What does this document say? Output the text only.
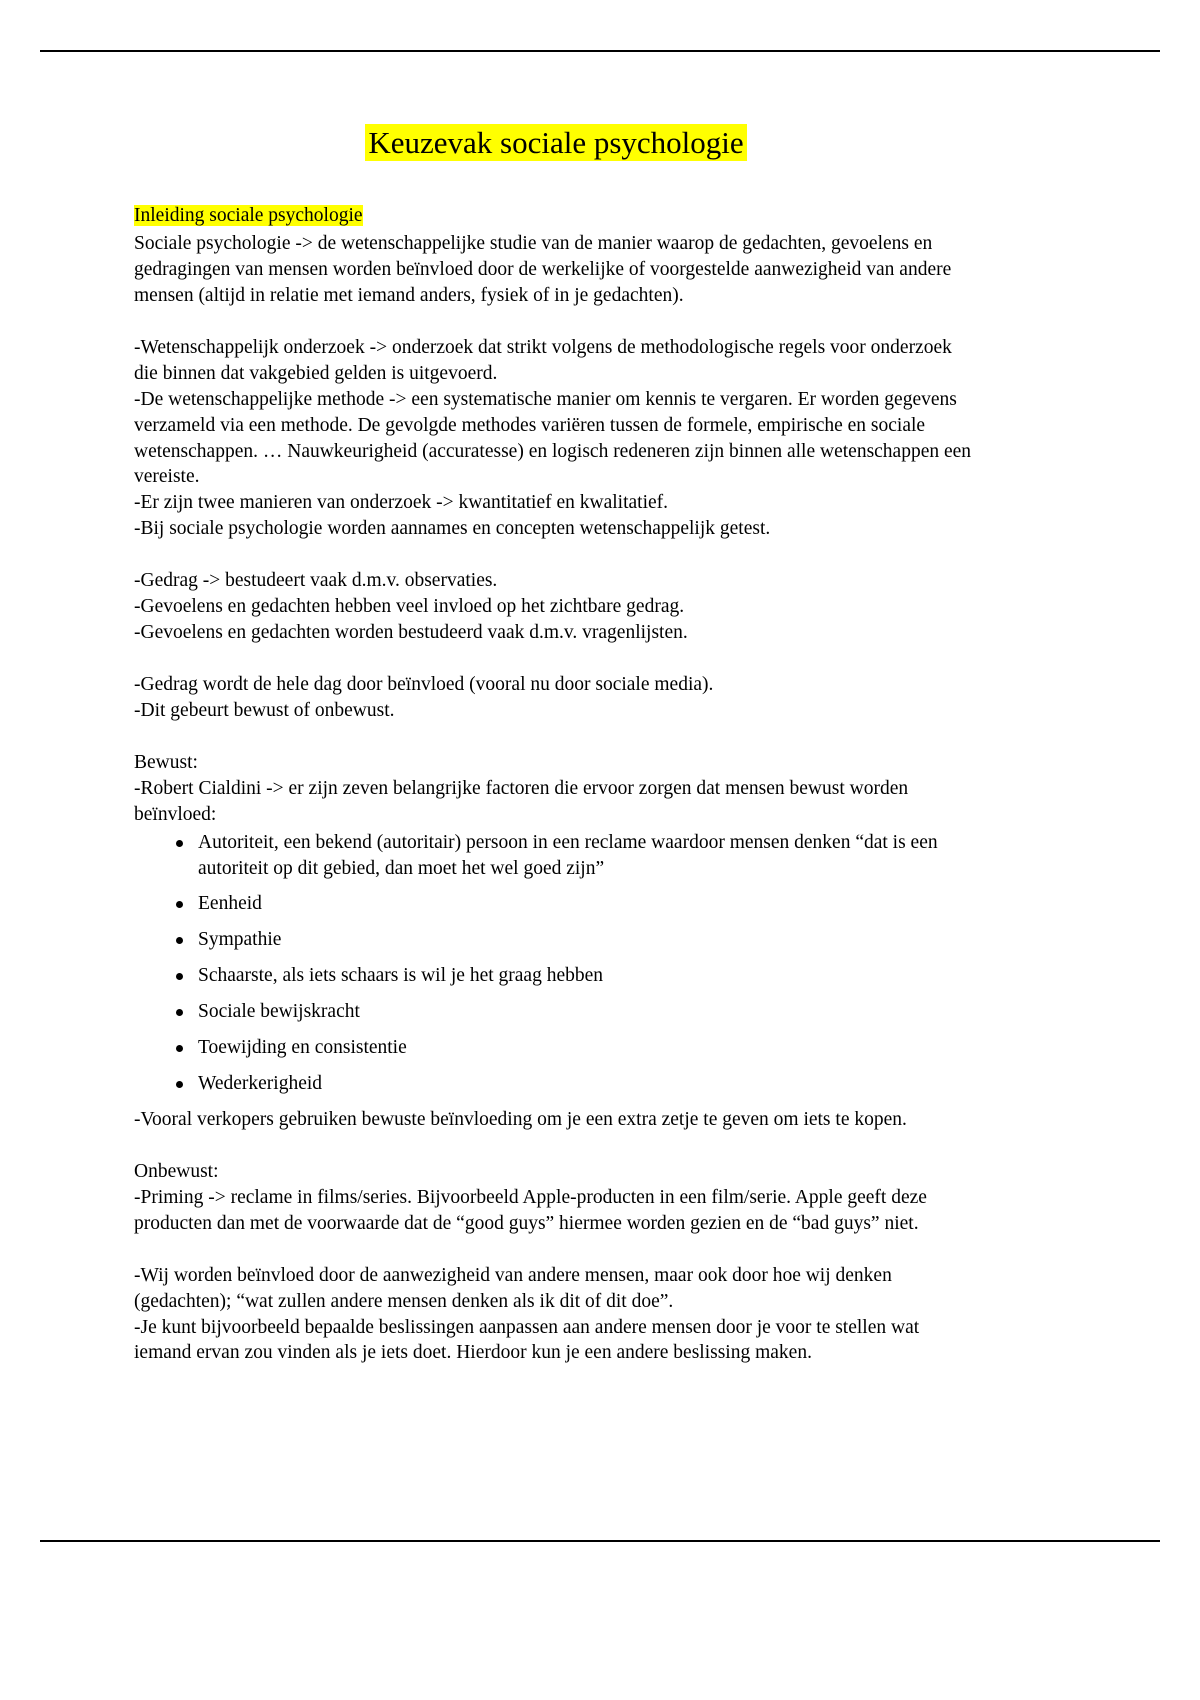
Keuzevak sociale psychologie
Inleiding sociale psychologie

Sociale psychologie -> de wetenschappelijke studie van de manier waarop de gedachten, gevoelens en gedragingen van mensen worden beïnvloed door de werkelijke of voorgestelde aanwezigheid van andere mensen (altijd in relatie met iemand anders, fysiek of in je gedachten).

-Wetenschappelijk onderzoek -> onderzoek dat strikt volgens de methodologische regels voor onderzoek die binnen dat vakgebied gelden is uitgevoerd.

-De wetenschappelijke methode -> een systematische manier om kennis te vergaren. Er worden gegevens verzameld via een methode. De gevolgde methodes variëren tussen de formele, empirische en sociale wetenschappen. … Nauwkeurigheid (accuratesse) en logisch redeneren zijn binnen alle wetenschappen een vereiste.

-Er zijn twee manieren van onderzoek -> kwantitatief en kwalitatief.

-Bij sociale psychologie worden aannames en concepten wetenschappelijk getest.

-Gedrag -> bestudeert vaak d.m.v. observaties.

-Gevoelens en gedachten hebben veel invloed op het zichtbare gedrag.

-Gevoelens en gedachten worden bestudeerd vaak d.m.v. vragenlijsten.

-Gedrag wordt de hele dag door beïnvloed (vooral nu door sociale media).

-Dit gebeurt bewust of onbewust.

Bewust:

-Robert Cialdini -> er zijn zeven belangrijke factoren die ervoor zorgen dat mensen bewust worden beïnvloed:

Autoriteit, een bekend (autoritair) persoon in een reclame waardoor mensen denken “dat is een autoriteit op dit gebied, dan moet het wel goed zijn”
Eenheid
Sympathie
Schaarste, als iets schaars is wil je het graag hebben
Sociale bewijskracht
Toewijding en consistentie
Wederkerigheid

-Vooral verkopers gebruiken bewuste beïnvloeding om je een extra zetje te geven om iets te kopen.

Onbewust:

-Priming -> reclame in films/series. Bijvoorbeeld Apple-producten in een film/serie. Apple geeft deze producten dan met de voorwaarde dat de “good guys” hiermee worden gezien en de “bad guys” niet.

-Wij worden beïnvloed door de aanwezigheid van andere mensen, maar ook door hoe wij denken (gedachten); “wat zullen andere mensen denken als ik dit of dit doe”.

-Je kunt bijvoorbeeld bepaalde beslissingen aanpassen aan andere mensen door je voor te stellen wat iemand ervan zou vinden als je iets doet. Hierdoor kun je een andere beslissing maken.
